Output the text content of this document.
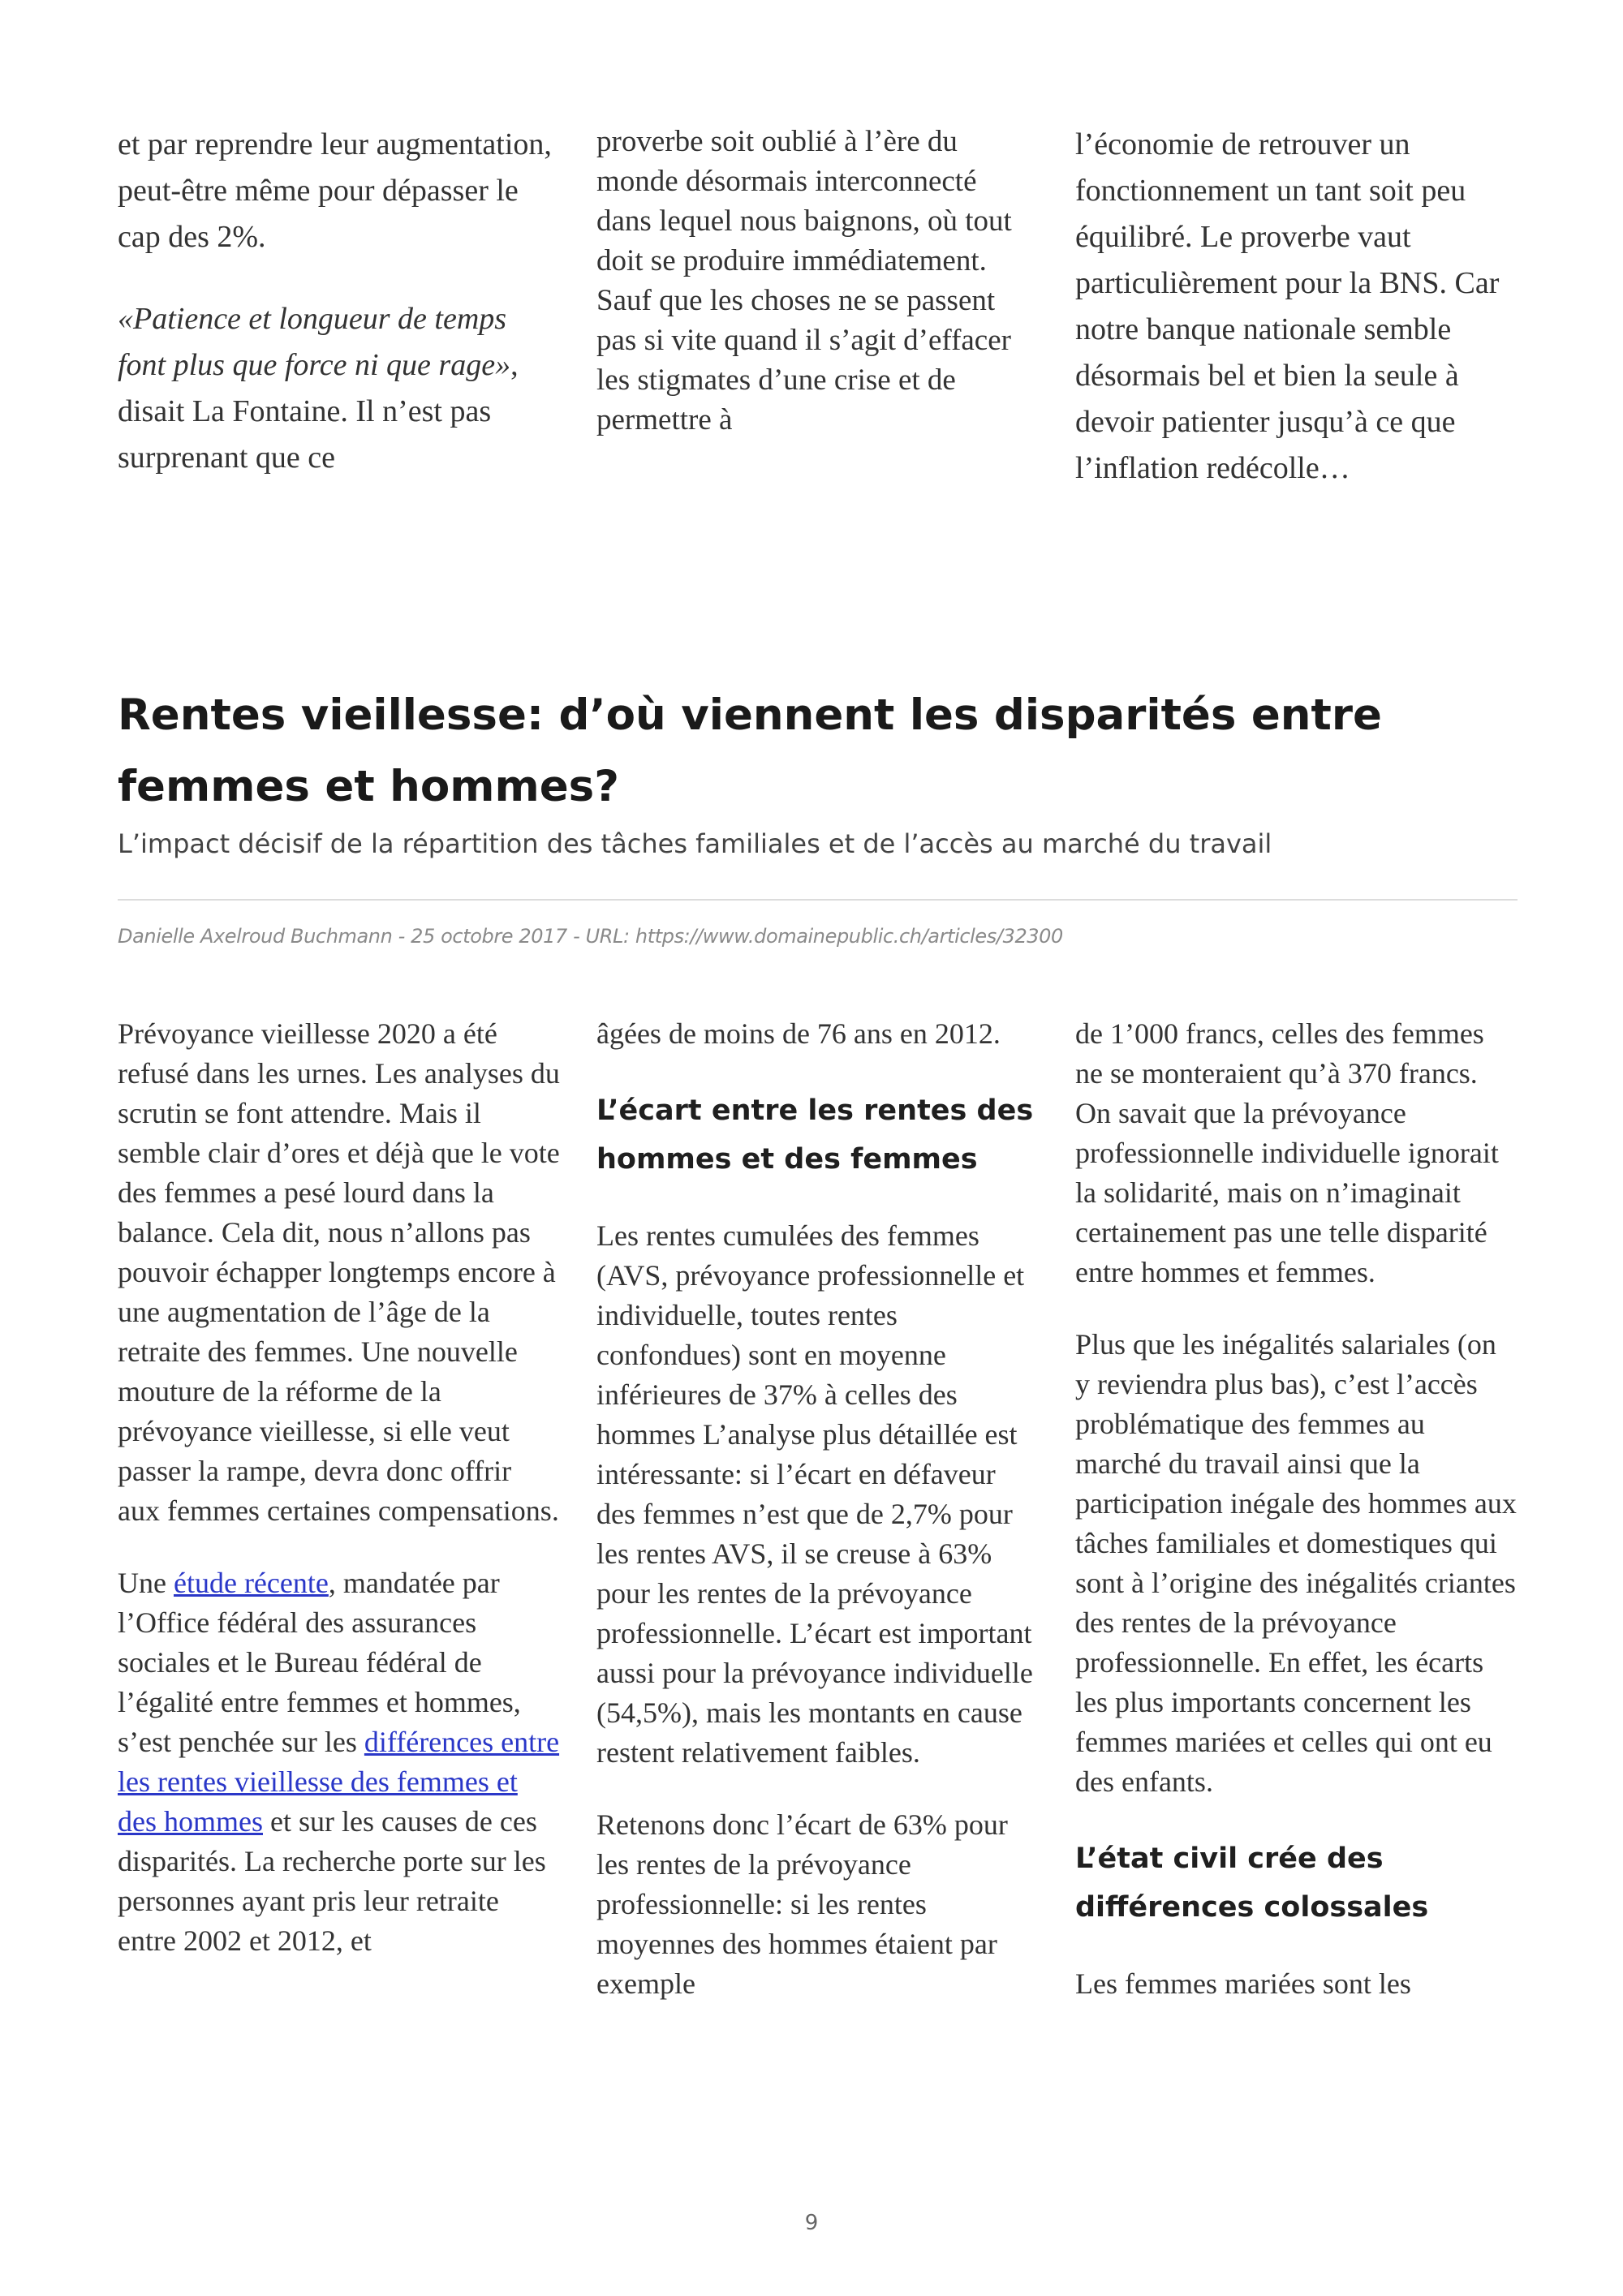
et par reprendre leur augmentation, peut-être même pour dépasser le cap des 2%.

«Patience et longueur de temps font plus que force ni que rage», disait La Fontaine. Il n’est pas surprenant que ce

proverbe soit oublié à l’ère du monde désormais interconnecté dans lequel nous baignons, où tout doit se produire immédiatement. Sauf que les choses ne se passent pas si vite quand il s’agit d’effacer les stigmates d’une crise et de permettre à

l’économie de retrouver un fonctionnement un tant soit peu équilibré. Le proverbe vaut particulièrement pour la BNS. Car notre banque nationale semble désormais bel et bien la seule à devoir patienter jusqu’à ce que l’inflation redécolle…

Rentes vieillesse: d’où viennent les disparités entre femmes et hommes?
L’impact décisif de la répartition des tâches familiales et de l’accès au marché du travail
Danielle Axelroud Buchmann - 25 octobre 2017 - URL: https://www.domainepublic.ch/articles/32300

Prévoyance vieillesse 2020 a été refusé dans les urnes. Les analyses du scrutin se font attendre. Mais il semble clair d’ores et déjà que le vote des femmes a pesé lourd dans la balance. Cela dit, nous n’allons pas pouvoir échapper longtemps encore à une augmentation de l’âge de la retraite des femmes. Une nouvelle mouture de la réforme de la prévoyance vieillesse, si elle veut passer la rampe, devra donc offrir aux femmes certaines compensations.

Une étude récente, mandatée par l’Office fédéral des assurances sociales et le Bureau fédéral de l’égalité entre femmes et hommes, s’est penchée sur les différences entre les rentes vieillesse des femmes et des hommes et sur les causes de ces disparités. La recherche porte sur les personnes ayant pris leur retraite entre 2002 et 2012, et

âgées de moins de 76 ans en 2012.

L’écart entre les rentes des hommes et des femmes

Les rentes cumulées des femmes (AVS, prévoyance professionnelle et individuelle, toutes rentes confondues) sont en moyenne inférieures de 37% à celles des hommes L’analyse plus détaillée est intéressante: si l’écart en défaveur des femmes n’est que de 2,7% pour les rentes AVS, il se creuse à 63% pour les rentes de la prévoyance professionnelle. L’écart est important aussi pour la prévoyance individuelle (54,5%), mais les montants en cause restent relativement faibles.

Retenons donc l’écart de 63% pour les rentes de la prévoyance professionnelle: si les rentes moyennes des hommes étaient par exemple

de 1’000 francs, celles des femmes ne se monteraient qu’à 370 francs. On savait que la prévoyance professionnelle individuelle ignorait la solidarité, mais on n’imaginait certainement pas une telle disparité entre hommes et femmes.

Plus que les inégalités salariales (on y reviendra plus bas), c’est l’accès problématique des femmes au marché du travail ainsi que la participation inégale des hommes aux tâches familiales et domestiques qui sont à l’origine des inégalités criantes des rentes de la prévoyance professionnelle. En effet, les écarts les plus importants concernent les femmes mariées et celles qui ont eu des enfants.

L’état civil crée des différences colossales

Les femmes mariées sont les

9
